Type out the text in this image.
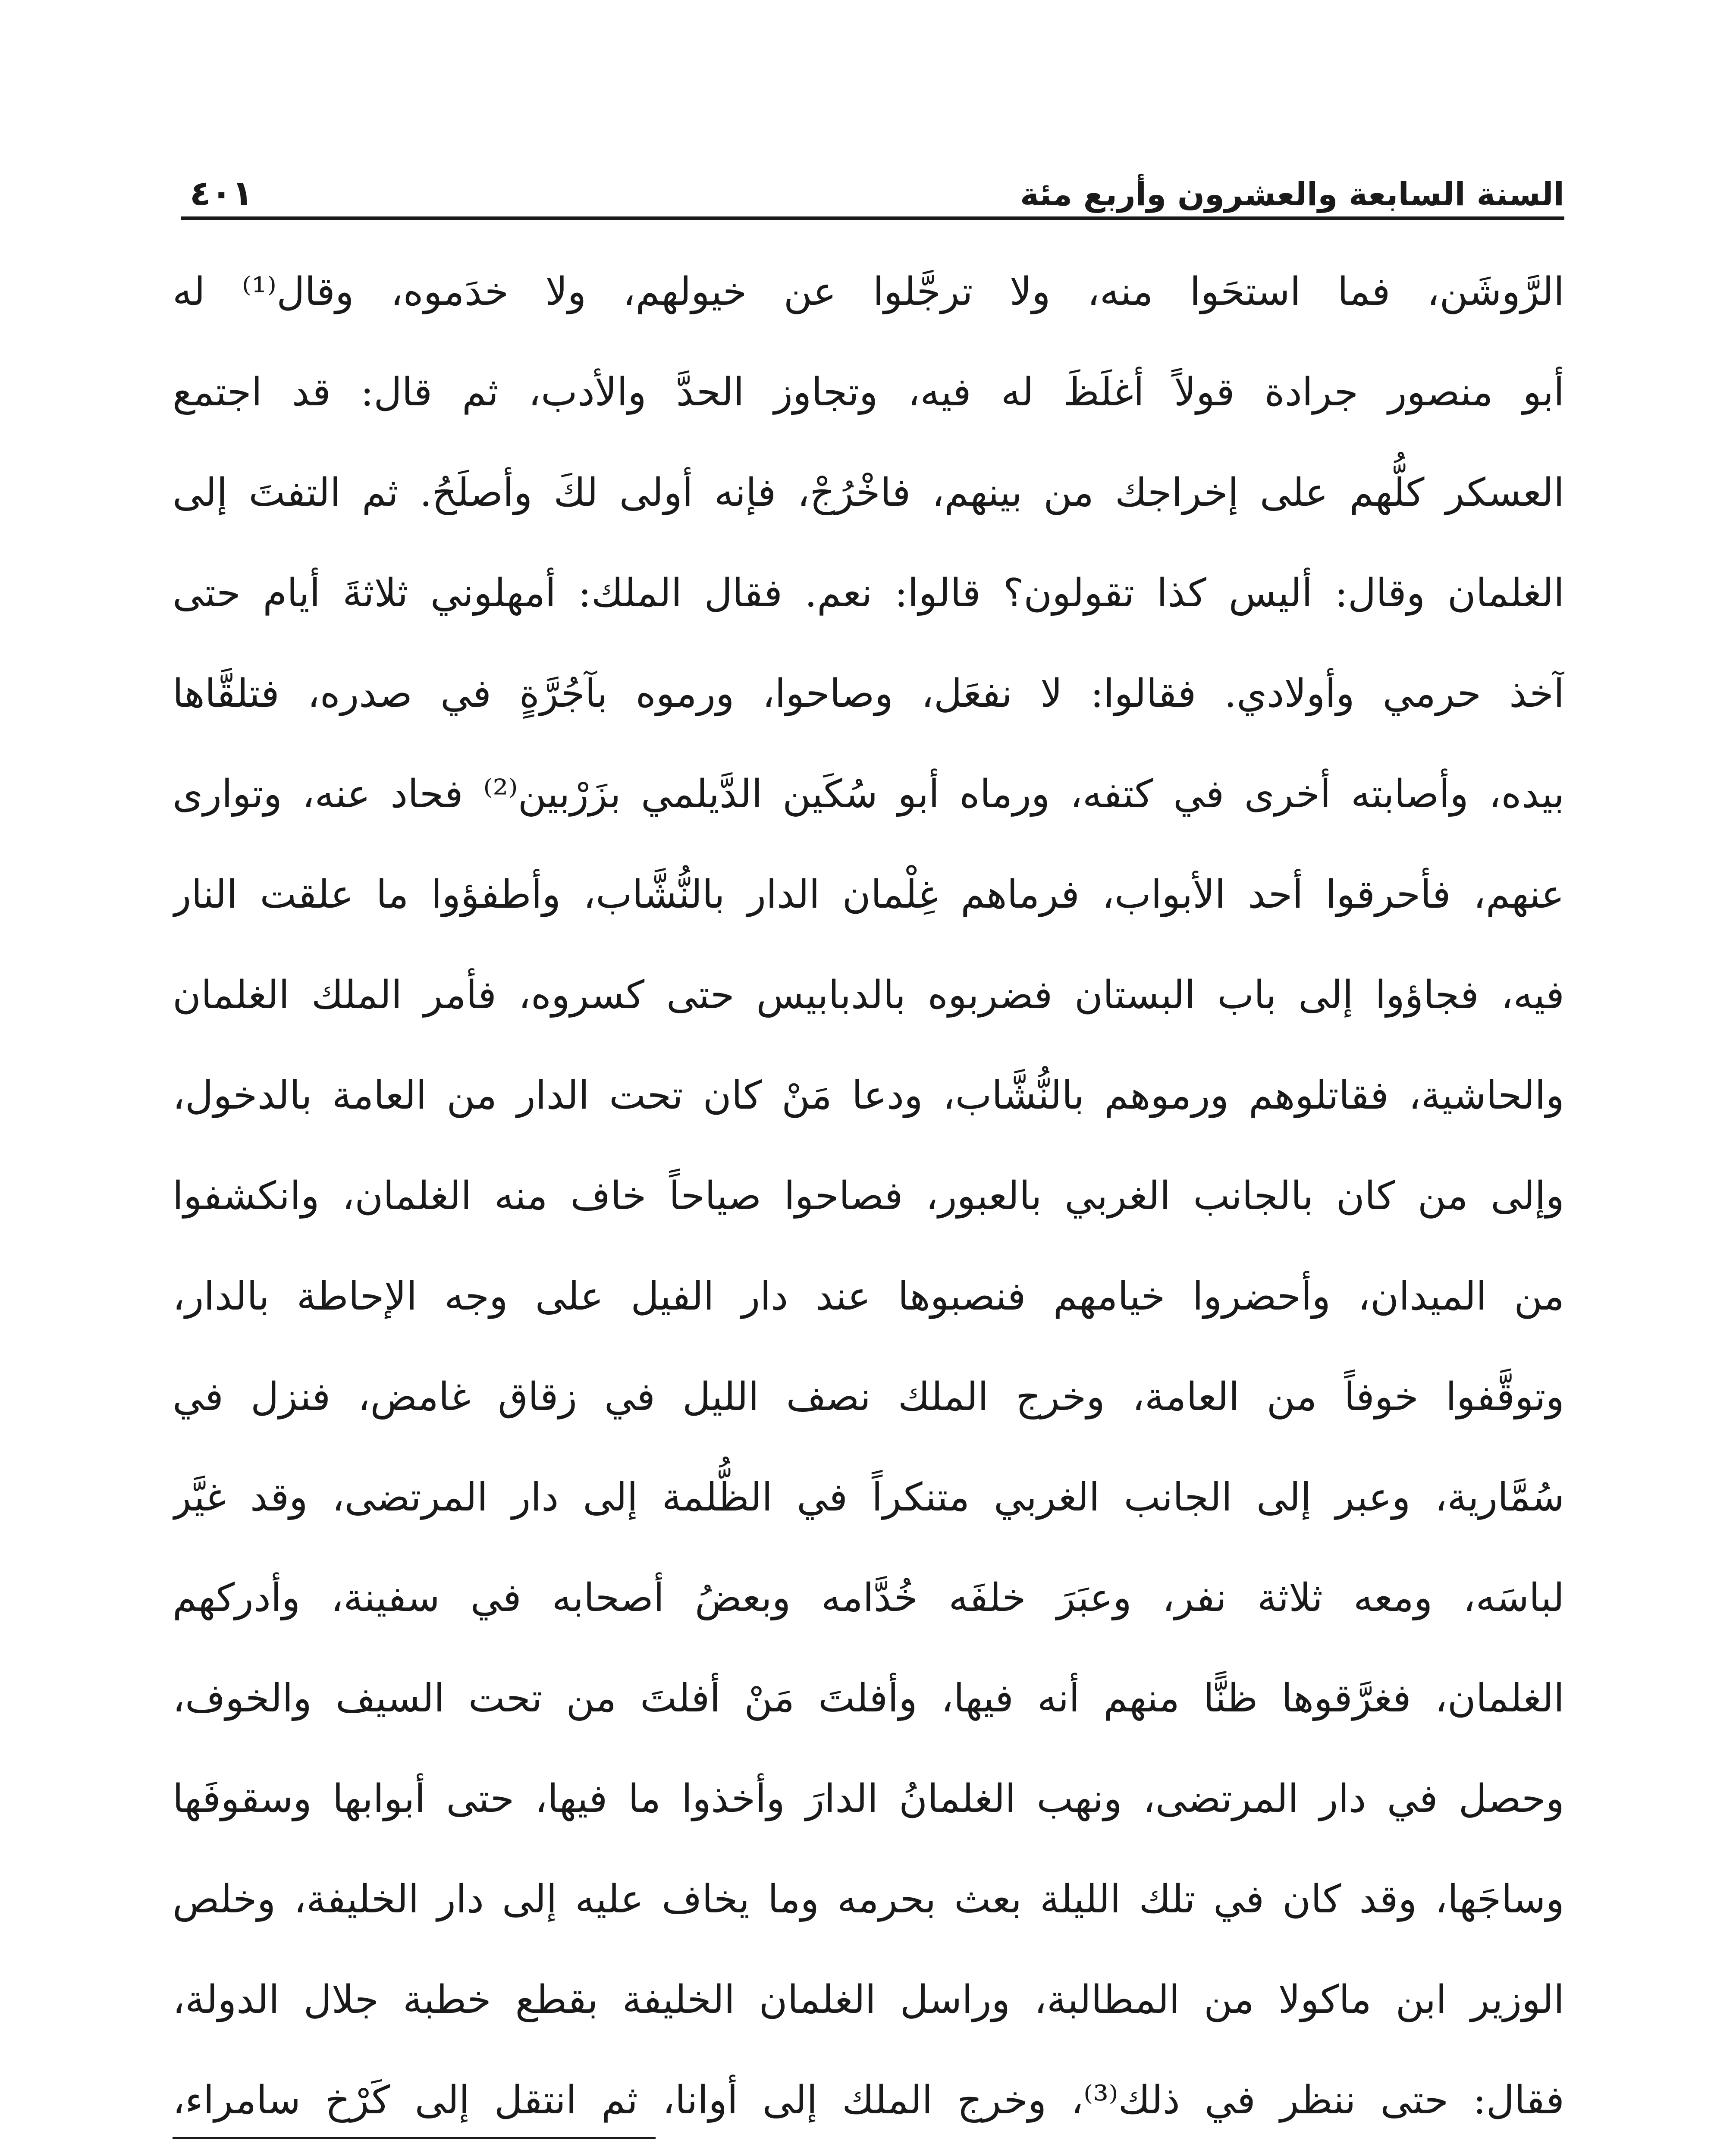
السنة السابعة والعشرون وأربع مئة
٤٠١
الرَّوشَن، فما استحَوا منه، ولا ترجَّلوا عن خيولهم، ولا خدَموه، وقال⁽¹⁾ له
أبو منصور جرادة قولاً أغلَظَ له فيه، وتجاوز الحدَّ والأدب، ثم قال: قد اجتمع
العسكر كلُّهم على إخراجك من بينهم، فاخْرُجْ، فإنه أولى لكَ وأصلَحُ. ثم التفتَ إلى
الغلمان وقال: أليس كذا تقولون؟ قالوا: نعم. فقال الملك: أمهلوني ثلاثةَ أيام حتى
آخذ حرمي وأولادي. فقالوا: لا نفعَل، وصاحوا، ورموه بآجُرَّةٍ في صدره، فتلقَّاها
بيده، وأصابته أخرى في كتفه، ورماه أبو سُكَين الدَّيلمي بزَرْبين⁽²⁾ فحاد عنه، وتوارى
عنهم، فأحرقوا أحد الأبواب، فرماهم غِلْمان الدار بالنُّشَّاب، وأطفؤوا ما علقت النار
فيه، فجاؤوا إلى باب البستان فضربوه بالدبابيس حتى كسروه، فأمر الملك الغلمان
والحاشية، فقاتلوهم ورموهم بالنُّشَّاب، ودعا مَنْ كان تحت الدار من العامة بالدخول،
وإلى من كان بالجانب الغربي بالعبور، فصاحوا صياحاً خاف منه الغلمان، وانكشفوا
من الميدان، وأحضروا خيامهم فنصبوها عند دار الفيل على وجه الإحاطة بالدار،
وتوقَّفوا خوفاً من العامة، وخرج الملك نصف الليل في زقاق غامض، فنزل في
سُمَّارية، وعبر إلى الجانب الغربي متنكراً في الظُّلمة إلى دار المرتضى، وقد غيَّر
لباسَه، ومعه ثلاثة نفر، وعبَرَ خلفَه خُدَّامه وبعضُ أصحابه في سفينة، وأدركهم
الغلمان، فغرَّقوها ظنًّا منهم أنه فيها، وأفلتَ مَنْ أفلتَ من تحت السيف والخوف،
وحصل في دار المرتضى، ونهب الغلمانُ الدارَ وأخذوا ما فيها، حتى أبوابها وسقوفَها
وساجَها، وقد كان في تلك الليلة بعث بحرمه وما يخاف عليه إلى دار الخليفة، وخلص
الوزير ابن ماكولا من المطالبة، وراسل الغلمان الخليفة بقطع خطبة جلال الدولة،
فقال: حتى ننظر في ذلك⁽³⁾، وخرج الملك إلى أوانا، ثم انتقل إلى كَرْخ سامراء،
